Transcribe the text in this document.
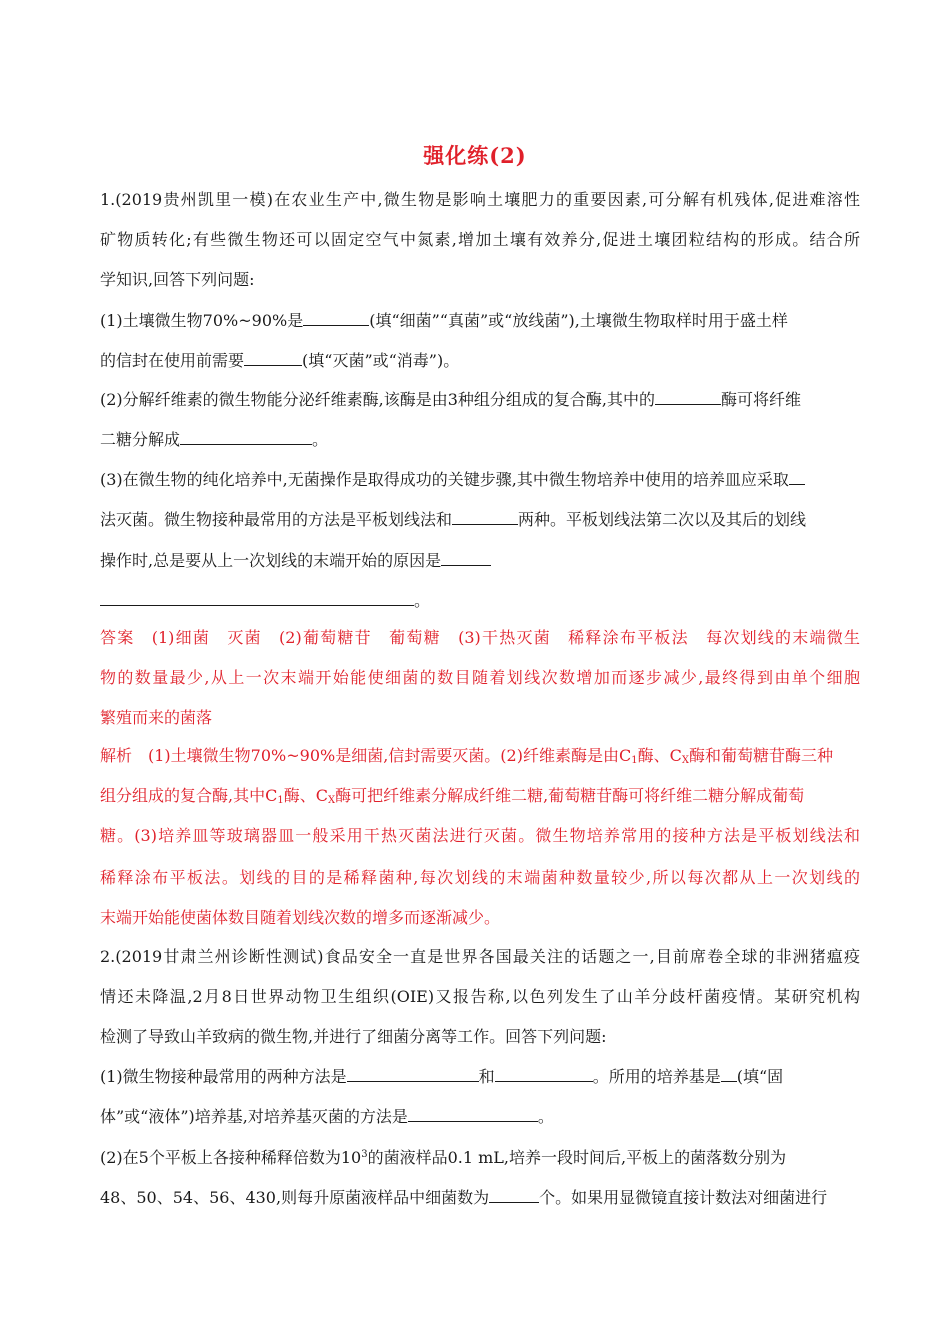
强化练(2)
1.(2019贵州凯里一模)在农业生产中,微生物是影响土壤肥力的重要因素,可分解有机残体,促进难溶性
矿物质转化;有些微生物还可以固定空气中氮素,增加土壤有效养分,促进土壤团粒结构的形成。结合所
学知识,回答下列问题:
(1)土壤微生物70%~90%是	(填“细菌”“真菌”或“放线菌”),土壤微生物取样时用于盛土样
的信封在使用前需要	(填“灭菌”或“消毒”)。
(2)分解纤维素的微生物能分泌纤维素酶,该酶是由3种组分组成的复合酶,其中的	酶可将纤维
二糖分解成	。
(3)在微生物的纯化培养中,无菌操作是取得成功的关键步骤,其中微生物培养中使用的培养皿应采取
法灭菌。微生物接种最常用的方法是平板划线法和	两种。平板划线法第二次以及其后的划线
操作时,总是要从上一次划线的末端开始的原因是
。
答案　(1)细菌　灭菌　(2)葡萄糖苷　葡萄糖　(3)干热灭菌　稀释涂布平板法　每次划线的末端微生
物的数量最少,从上一次末端开始能使细菌的数目随着划线次数增加而逐步减少,最终得到由单个细胞
繁殖而来的菌落
解析　(1)土壤微生物70%~90%是细菌,信封需要灭菌。(2)纤维素酶是由$C_1$酶、$C_X$酶和葡萄糖苷酶三种
组分组成的复合酶,其中$C_1$酶、$C_X$酶可把纤维素分解成纤维二糖,葡萄糖苷酶可将纤维二糖分解成葡萄
糖。(3)培养皿等玻璃器皿一般采用干热灭菌法进行灭菌。微生物培养常用的接种方法是平板划线法和
稀释涂布平板法。划线的目的是稀释菌种,每次划线的末端菌种数量较少,所以每次都从上一次划线的
末端开始能使菌体数目随着划线次数的增多而逐渐减少。
2.(2019甘肃兰州诊断性测试)食品安全一直是世界各国最关注的话题之一,目前席卷全球的非洲猪瘟疫
情还未降温,2月8日世界动物卫生组织(OIE)又报告称,以色列发生了山羊分歧杆菌疫情。某研究机构
检测了导致山羊致病的微生物,并进行了细菌分离等工作。回答下列问题:
(1)微生物接种最常用的两种方法是	和	。所用的培养基是 (填“固
体”或“液体”)培养基,对培养基灭菌的方法是	。
(2)在5个平板上各接种稀释倍数为$10^3$的菌液样品0.1 mL,培养一段时间后,平板上的菌落数分别为
48、50、54、56、430,则每升原菌液样品中细菌数为	个。如果用显微镜直接计数法对细菌进行
